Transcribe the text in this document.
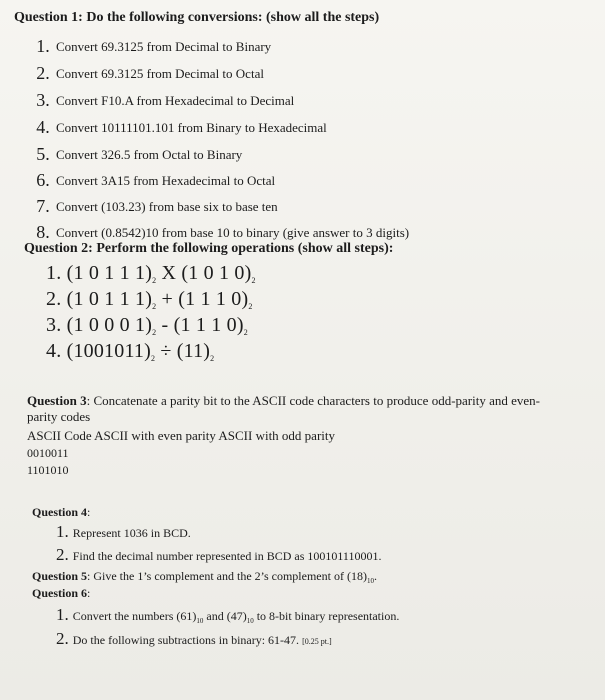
Question 1: Do the following conversions: (show all the steps)
1. Convert 69.3125 from Decimal to Binary
2. Convert 69.3125 from Decimal to Octal
3. Convert F10.A from Hexadecimal to Decimal
4. Convert 10111101.101 from Binary to Hexadecimal
5. Convert 326.5 from Octal to Binary
6. Convert 3A15 from Hexadecimal to Octal
7. Convert (103.23) from base six to base ten
8. Convert (0.8542)10 from base 10 to binary (give answer to 3 digits)
Question 2: Perform the following operations (show all steps):
1. (1 0 1 1 $1)_2$ X (1 0 1 $0)_2$
2. (1 0 1 1 $1)_2 + (1$ 1 1 $0)_2$
3. (1 0 0 0 $1)_2 - (1$ 1 1 $0)_2$
4. $(1001011)_2 \div (11)_2$
Question 3: Concatenate a parity bit to the ASCII code characters to produce odd-parity and even- parity codes
ASCII Code ASCII with even parity ASCII with odd parity
0010011
1101010
Question 4:
1. Represent 1036 in BCD.
2. Find the decimal number represented in BCD as 100101110001.
Question 5: Give the 1’s complement and the 2’s complement of $(18)_{10}$.
Question 6:
1. Convert the numbers $(61)_{10}$ and $(47)_{10}$ to 8-bit binary representation.
2. Do the following subtractions in binary: 61-47. [0.25 pt.]
